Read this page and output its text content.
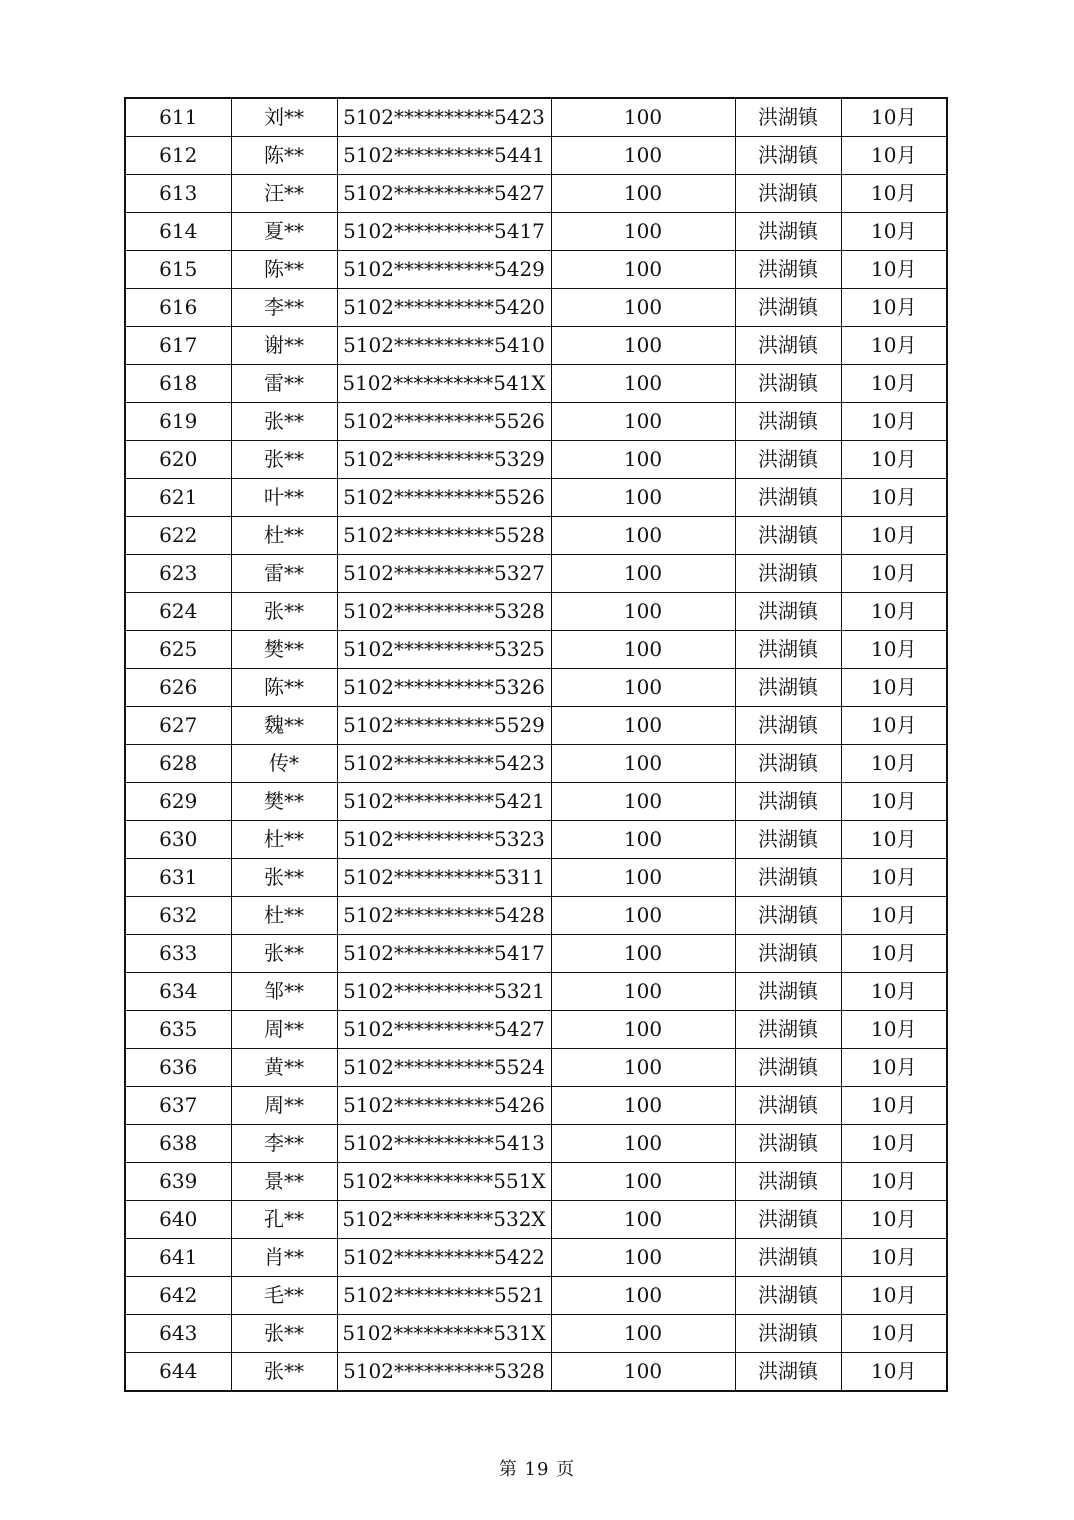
611	刘**	5102**********5423	100	洪湖镇	10月
612	陈**	5102**********5441	100	洪湖镇	10月
613	汪**	5102**********5427	100	洪湖镇	10月
614	夏**	5102**********5417	100	洪湖镇	10月
615	陈**	5102**********5429	100	洪湖镇	10月
616	李**	5102**********5420	100	洪湖镇	10月
617	谢**	5102**********5410	100	洪湖镇	10月
618	雷**	5102**********541X	100	洪湖镇	10月
619	张**	5102**********5526	100	洪湖镇	10月
620	张**	5102**********5329	100	洪湖镇	10月
621	叶**	5102**********5526	100	洪湖镇	10月
622	杜**	5102**********5528	100	洪湖镇	10月
623	雷**	5102**********5327	100	洪湖镇	10月
624	张**	5102**********5328	100	洪湖镇	10月
625	樊**	5102**********5325	100	洪湖镇	10月
626	陈**	5102**********5326	100	洪湖镇	10月
627	魏**	5102**********5529	100	洪湖镇	10月
628	传*	5102**********5423	100	洪湖镇	10月
629	樊**	5102**********5421	100	洪湖镇	10月
630	杜**	5102**********5323	100	洪湖镇	10月
631	张**	5102**********5311	100	洪湖镇	10月
632	杜**	5102**********5428	100	洪湖镇	10月
633	张**	5102**********5417	100	洪湖镇	10月
634	邹**	5102**********5321	100	洪湖镇	10月
635	周**	5102**********5427	100	洪湖镇	10月
636	黄**	5102**********5524	100	洪湖镇	10月
637	周**	5102**********5426	100	洪湖镇	10月
638	李**	5102**********5413	100	洪湖镇	10月
639	景**	5102**********551X	100	洪湖镇	10月
640	孔**	5102**********532X	100	洪湖镇	10月
641	肖**	5102**********5422	100	洪湖镇	10月
642	毛**	5102**********5521	100	洪湖镇	10月
643	张**	5102**********531X	100	洪湖镇	10月
644	张**	5102**********5328	100	洪湖镇	10月
第 19 页
